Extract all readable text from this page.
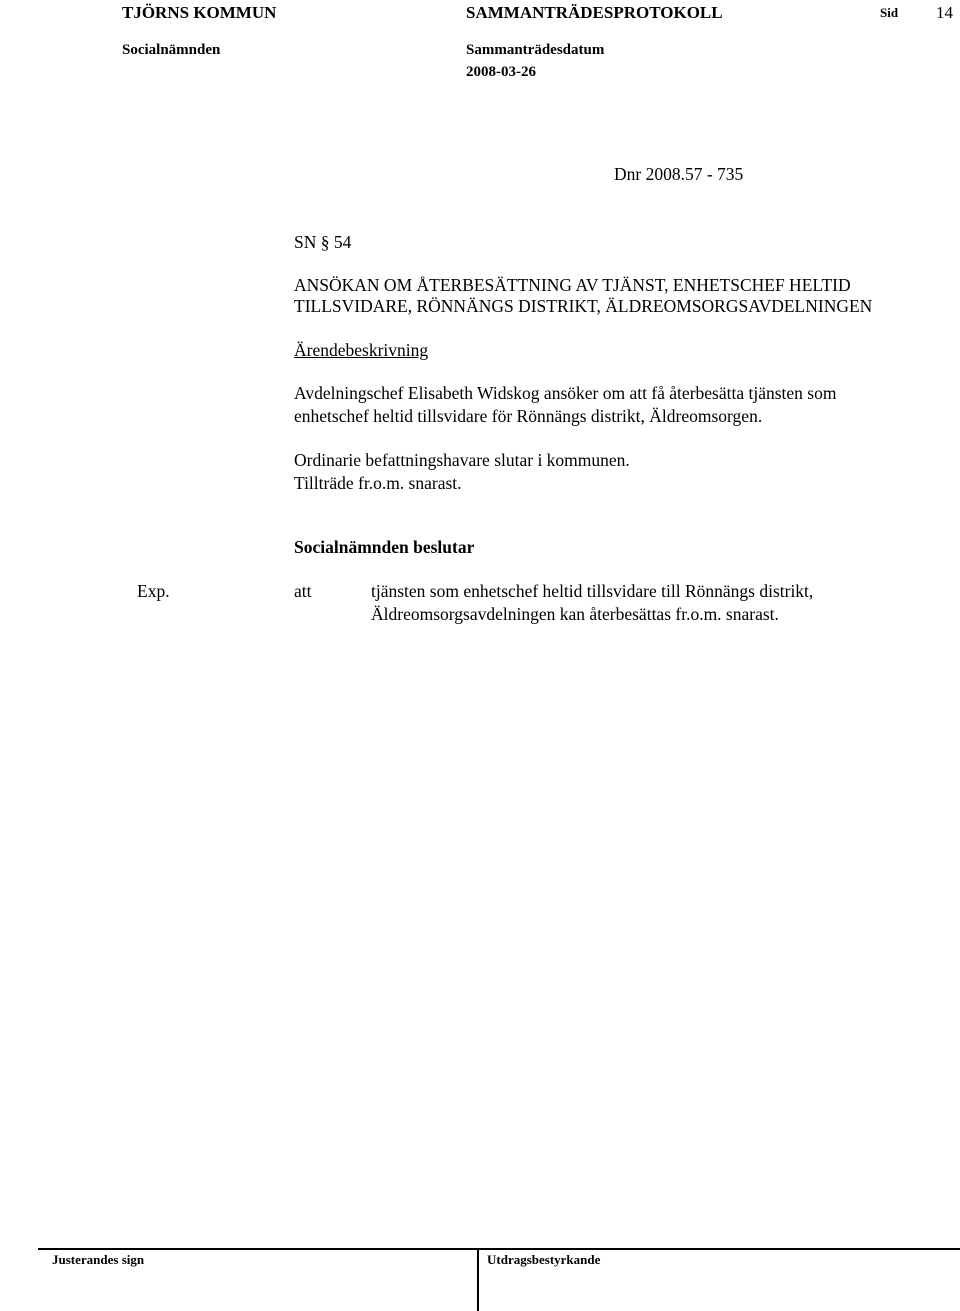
TJÖRNS KOMMUN	SAMMANTRÄDESPROTOKOLL	Sid 14
Socialnämnden	Sammanträdesdatum
2008-03-26
Dnr 2008.57 - 735
SN § 54
ANSÖKAN OM ÅTERBESÄTTNING AV TJÄNST, ENHETSCHEF HELTID
TILLSVIDARE, RÖNNÄNGS DISTRIKT, ÄLDREOMSORGSAVDELNINGEN
Ärendebeskrivning
Avdelningschef Elisabeth Widskog ansöker om att få återbesätta tjänsten som
enhetschef heltid tillsvidare för Rönnängs distrikt, Äldreomsorgen.
Ordinarie befattningshavare slutar i kommunen.
Tillträde fr.o.m. snarast.
Socialnämnden beslutar
Exp.	att	tjänsten som enhetschef heltid tillsvidare till Rönnängs distrikt,
Äldreomsorgsavdelningen kan återbesättas fr.o.m. snarast.
Justerandes sign	Utdragsbestyrkande
